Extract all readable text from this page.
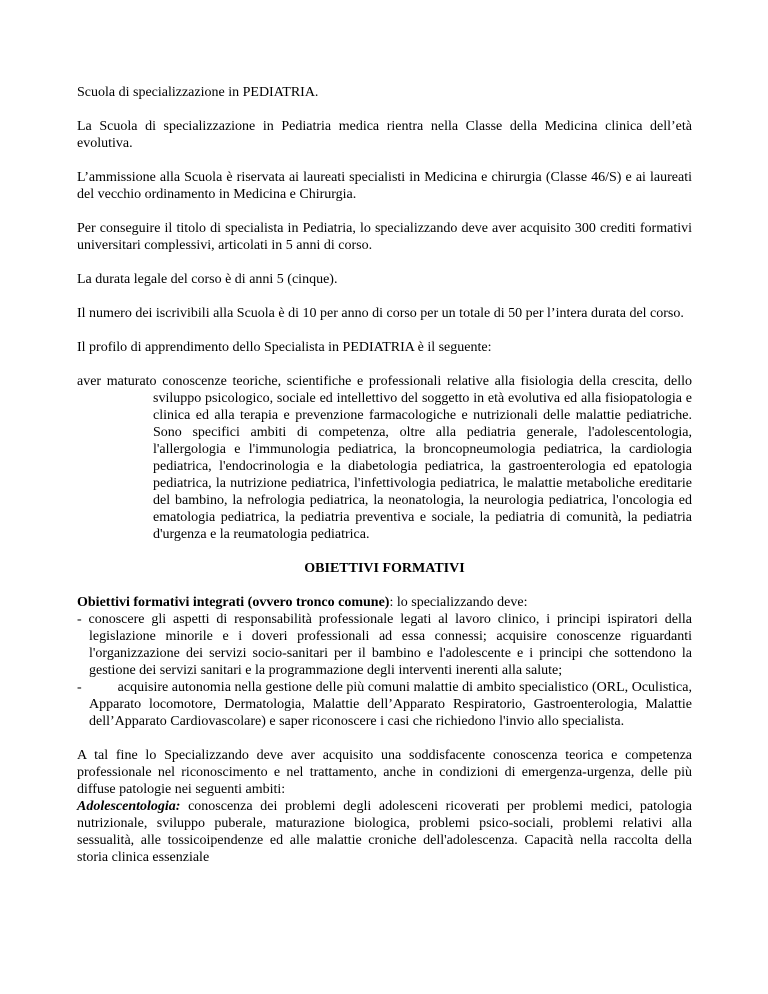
Scuola di specializzazione in PEDIATRIA.

La Scuola di specializzazione in Pediatria medica rientra nella Classe della Medicina clinica dell’età evolutiva.

L’ammissione alla Scuola è riservata ai laureati specialisti in Medicina e chirurgia (Classe 46/S) e ai laureati del vecchio ordinamento in Medicina e Chirurgia.

Per conseguire il titolo di specialista in Pediatria, lo specializzando deve aver acquisito 300 crediti formativi universitari complessivi, articolati in 5 anni di corso.

La durata legale del corso è di anni 5 (cinque).

Il numero dei iscrivibili alla Scuola è di 10 per anno di corso per un totale di 50 per l’intera durata del corso.

Il profilo di apprendimento dello Specialista in PEDIATRIA è il seguente:

aver maturato conoscenze teoriche, scientifiche e professionali relative alla fisiologia della crescita, dello sviluppo psicologico, sociale ed intellettivo del soggetto in età evolutiva ed alla fisiopatologia e clinica ed alla terapia e prevenzione farmacologiche e nutrizionali delle malattie pediatriche. Sono specifici ambiti di competenza, oltre alla pediatria generale, l'adolescentologia, l'allergologia e l'immunologia pediatrica, la broncopneumologia pediatrica, la cardiologia pediatrica, l'endocrinologia e la diabetologia pediatrica, la gastroenterologia ed epatologia pediatrica, la nutrizione pediatrica, l'infettivologia pediatrica, le malattie metaboliche ereditarie del bambino, la nefrologia pediatrica, la neonatologia, la neurologia pediatrica, l'oncologia ed ematologia pediatrica, la pediatria preventiva e sociale, la pediatria di comunità, la pediatria d'urgenza e la reumatologia pediatrica.
OBIETTIVI FORMATIVI

Obiettivi formativi integrati (ovvero tronco comune): lo specializzando deve:

- conoscere gli aspetti di responsabilità professionale legati al lavoro clinico, i principi ispiratori della legislazione minorile e i doveri professionali ad essa connessi; acquisire conoscenze riguardanti l'organizzazione dei servizi socio-sanitari per il bambino e l'adolescente e i principi che sottendono la gestione dei servizi sanitari e la programmazione degli interventi inerenti alla salute;

-	acquisire autonomia nella gestione delle più comuni malattie di ambito specialistico (ORL, Oculistica, Apparato locomotore, Dermatologia, Malattie dell’Apparato Respiratorio, Gastroenterologia, Malattie dell’Apparato Cardiovascolare) e saper riconoscere i casi che richiedono l'invio allo specialista.

A tal fine lo Specializzando deve aver acquisito una soddisfacente conoscenza teorica e competenza professionale nel riconoscimento e nel trattamento, anche in condizioni di emergenza-urgenza, delle più diffuse patologie nei seguenti ambiti:

Adolescentologia: conoscenza dei problemi degli adolesceni ricoverati per problemi medici, patologia nutrizionale, sviluppo puberale, maturazione biologica, problemi psico-sociali, problemi relativi alla sessualità, alle tossicoipendenze ed alle malattie croniche dell'adolescenza. Capacità nella raccolta della storia clinica essenziale
